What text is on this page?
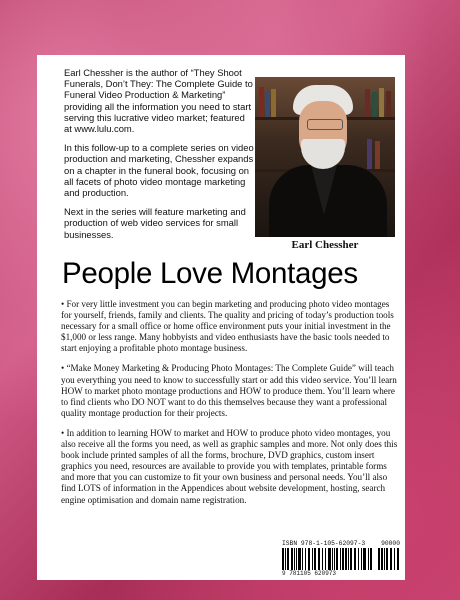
Earl Chessher is the author of “They Shoot Funerals, Don’t They: The Complete Guide to Funeral Video Production & Marketing” providing all the information you need to start serving this lucrative video market; featured at www.lulu.com.

In this follow-up to a complete series on video production and marketing, Chessher expands on a chapter in the funeral book, focusing on all facets of photo video montage marketing and production.

Next in the series will feature marketing and production of web video services for small businesses.

Earl Chessher
People Love Montages

• For very little investment you can begin marketing and producing photo video montages for yourself, friends, family and clients. The quality and pricing of today’s production tools necessary for a small office or home office environment puts your initial investment in the $1,000 or less range. Many hobbyists and video enthusiasts have the basic tools needed to start enjoying a profitable photo montage business.

• “Make Money Marketing & Producing Photo Montages: The Complete Guide” will teach you everything you need to know to successfully start or add this video service. You’ll learn HOW to market photo montage productions and HOW to produce them. You’ll learn where to find clients who DO NOT want to do this themselves because they want a professional quality montage production for their projects.

• In addition to learning HOW to market and HOW to produce photo video montages, you also receive all the forms you need, as well as graphic samples and more. Not only does this book include printed samples of all the forms, brochure, DVD graphics, custom insert graphics you need, resources are available to provide you with templates, printable forms and more that you can customize to fit your own business and personal needs. You’ll also find LOTS of information in the Appendices about website development, hosting, search engine optimisation and domain name registration.

ISBN 978-1-105-62097-3	90000
9 781105 620973
